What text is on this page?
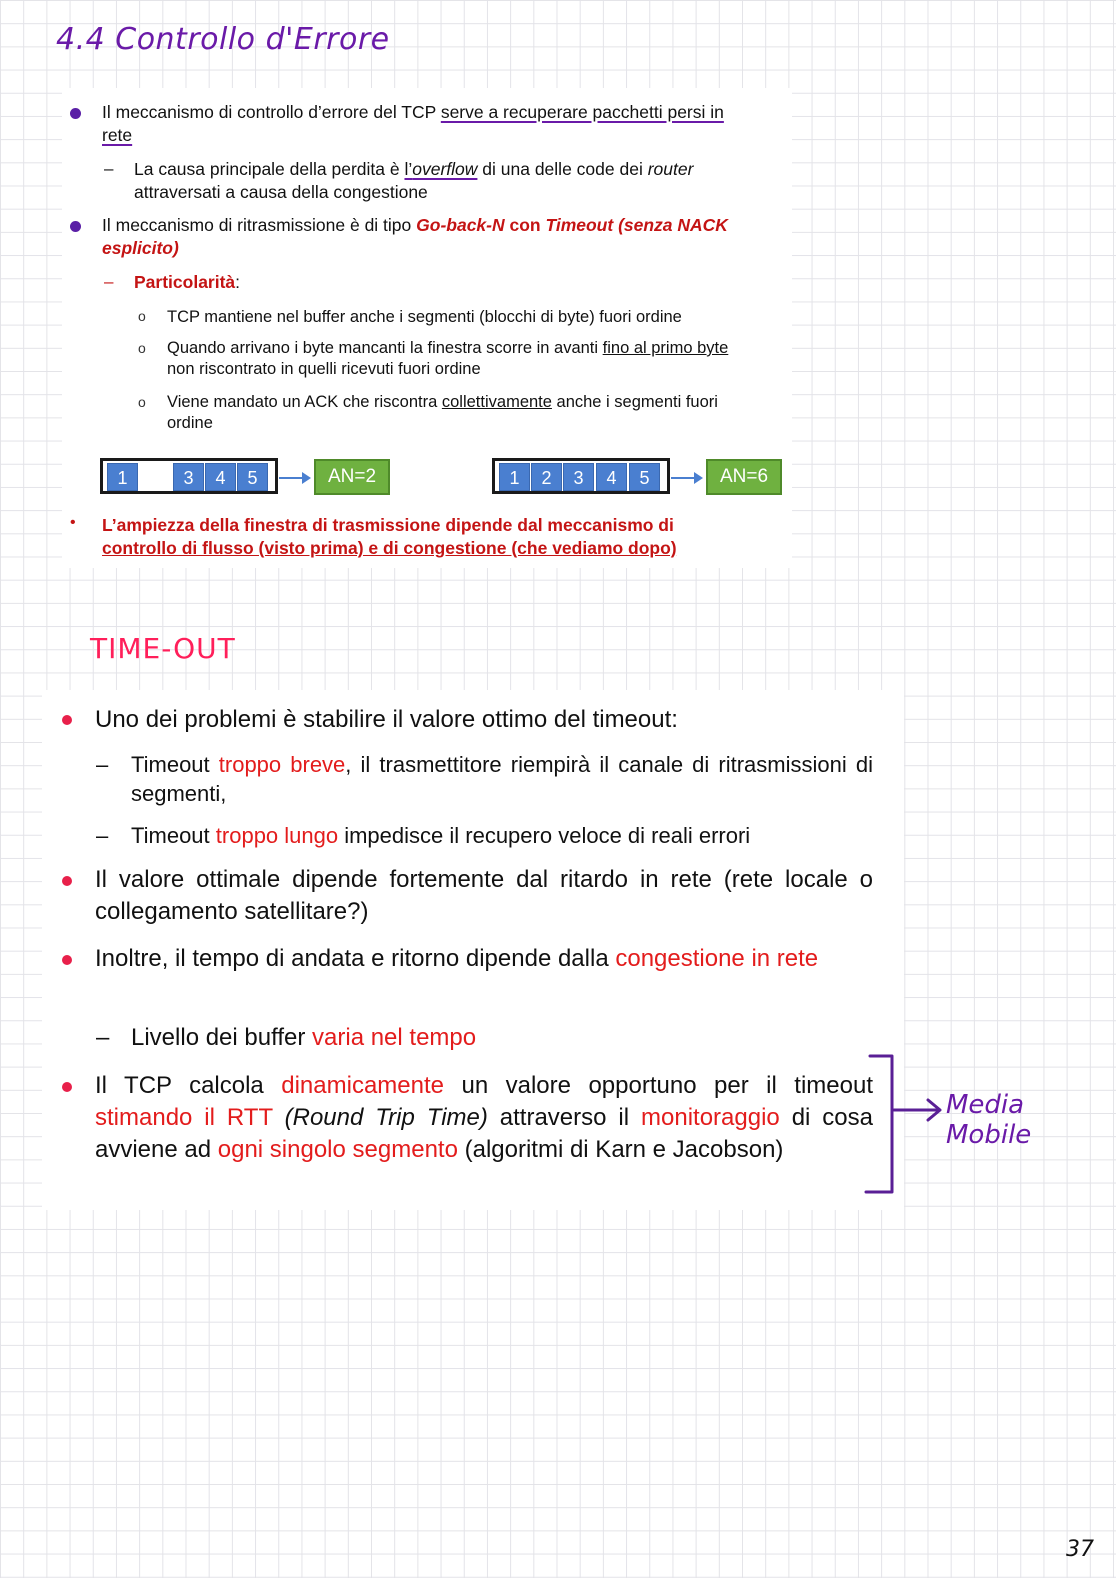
4.4 Controllo d'Errore
Il meccanismo di controllo d’errore del TCP serve a recuperare pacchetti persi in
rete
– La causa principale della perdita è l’overflow di una delle code dei router
attraversati a causa della congestione
Il meccanismo di ritrasmissione è di tipo Go-back-N con Timeout (senza NACK
esplicito)
– Particolarità:
o TCP mantiene nel buffer anche i segmenti (blocchi di byte) fuori ordine
o Quando arrivano i byte mancanti la finestra scorre in avanti fino al primo byte
non riscontrato in quelli ricevuti fuori ordine
o Viene mandato un ACK che riscontra collettivamente anche i segmenti fuori
ordine
1	3	4	5	AN=2	1	2	3	4	5	AN=6
• L’ampiezza della finestra di trasmissione dipende dal meccanismo di
controllo di flusso (visto prima) e di congestione (che vediamo dopo)
TIME-OUT
Uno dei problemi è stabilire il valore ottimo del timeout:
– Timeout troppo breve, il trasmettitore riempirà il canale di ritrasmissioni di segmenti,
– Timeout troppo lungo impedisce il recupero veloce di reali errori
Il valore ottimale dipende fortemente dal ritardo in rete (rete locale o collegamento satellitare?)
Inoltre, il tempo di andata e ritorno dipende dalla congestione in rete
– Livello dei buffer varia nel tempo
Il TCP calcola dinamicamente un valore opportuno per il timeout stimando il RTT (Round Trip Time) attraverso il monitoraggio di cosa avviene ad ogni singolo segmento (algoritmi di Karn e Jacobson)
Media
Mobile
37
